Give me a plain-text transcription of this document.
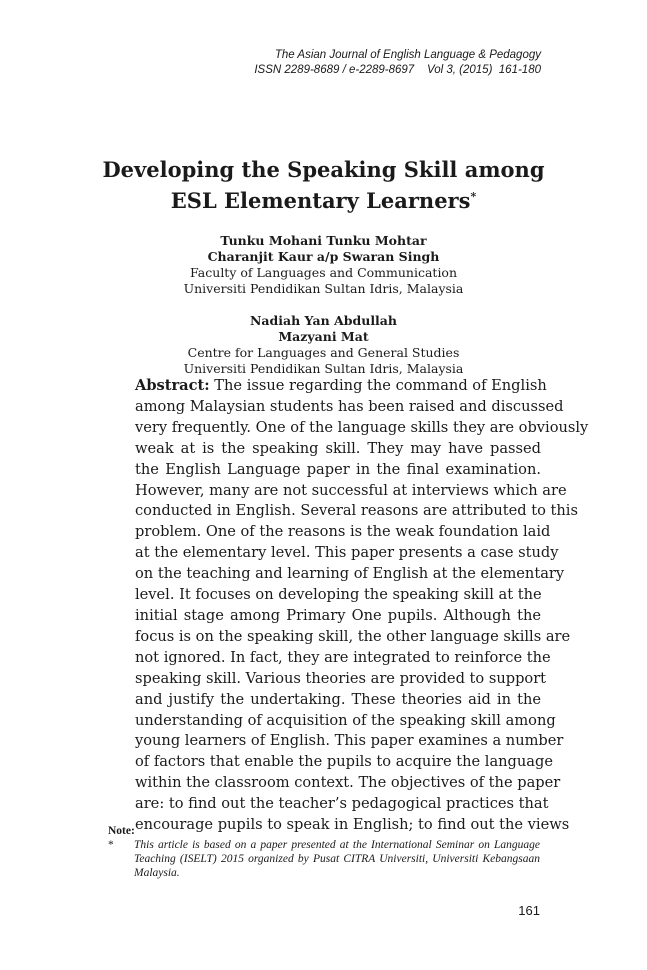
The Asian Journal of English Language & Pedagogy
ISSN 2289-8689 / e-2289-8697    Vol 3, (2015)  161-180
Developing the Speaking Skill among
ESL Elementary Learners*
Tunku Mohani Tunku Mohtar
Charanjit Kaur a/p Swaran Singh
Faculty of Languages and Communication
Universiti Pendidikan Sultan Idris, Malaysia
Nadiah Yan Abdullah
Mazyani Mat
Centre for Languages and General Studies
Universiti Pendidikan Sultan Idris, Malaysia
Abstract: The issue regarding the command of English
among Malaysian students has been raised and discussed
very frequently. One of the language skills they are obviously
weak at is the speaking skill. They may have passed
the English Language paper in the final examination.
However, many are not successful at interviews which are
conducted in English. Several reasons are attributed to this
problem. One of the reasons is the weak foundation laid
at the elementary level. This paper presents a case study
on the teaching and learning of English at the elementary
level. It focuses on developing the speaking skill at the
initial stage among Primary One pupils. Although the
focus is on the speaking skill, the other language skills are
not ignored. In fact, they are integrated to reinforce the
speaking skill. Various theories are provided to support
and justify the undertaking. These theories aid in the
understanding of acquisition of the speaking skill among
young learners of English. This paper examines a number
of factors that enable the pupils to acquire the language
within the classroom context. The objectives of the paper
are: to find out the teacher’s pedagogical practices that
encourage pupils to speak in English; to find out the views
Note:
*	This article is based on a paper presented at the International Seminar on Language Teaching (ISELT) 2015 organized by Pusat CITRA Universiti, Universiti Kebangsaan Malaysia.
161
